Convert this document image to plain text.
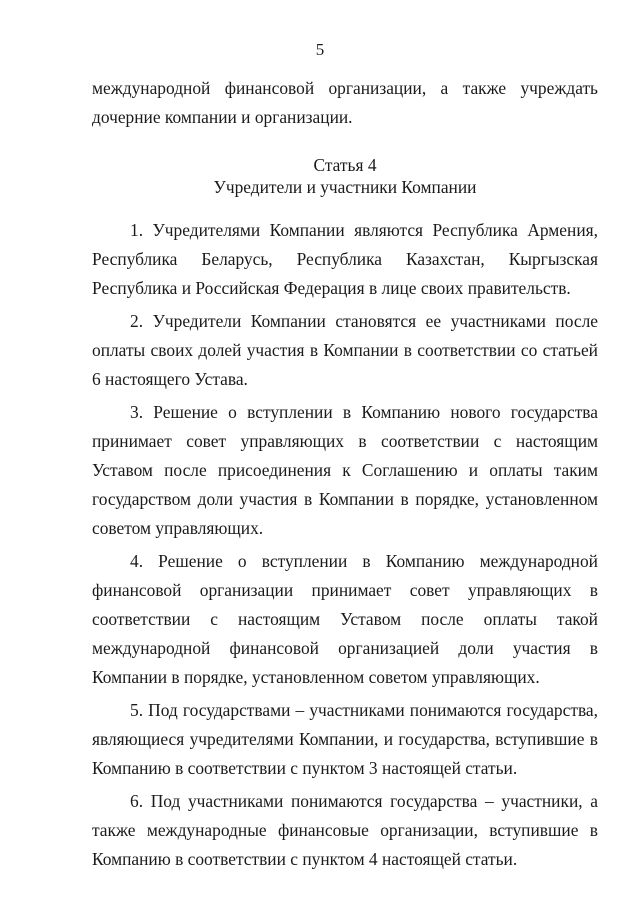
5

международной финансовой организации, а также учреждать дочерние компании и организации.

Статья 4
Учредители и участники Компании

1. Учредителями Компании являются Республика Армения, Республика Беларусь, Республика Казахстан, Кыргызская Республика и Российская Федерация в лице своих правительств.

2. Учредители Компании становятся ее участниками после оплаты своих долей участия в Компании в соответствии со статьей 6 настоящего Устава.

3. Решение о вступлении в Компанию нового государства принимает совет управляющих в соответствии с настоящим Уставом после присоединения к Соглашению и оплаты таким государством доли участия в Компании в порядке, установленном советом управляющих.

4. Решение о вступлении в Компанию международной финансовой организации принимает совет управляющих в соответствии с настоящим Уставом после оплаты такой международной финансовой организацией доли участия в Компании в порядке, установленном советом управляющих.

5. Под государствами – участниками понимаются государства, являющиеся учредителями Компании, и государства, вступившие в Компанию в соответствии с пунктом 3 настоящей статьи.

6. Под участниками понимаются государства – участники, а также международные финансовые организации, вступившие в Компанию в соответствии с пунктом 4 настоящей статьи.
